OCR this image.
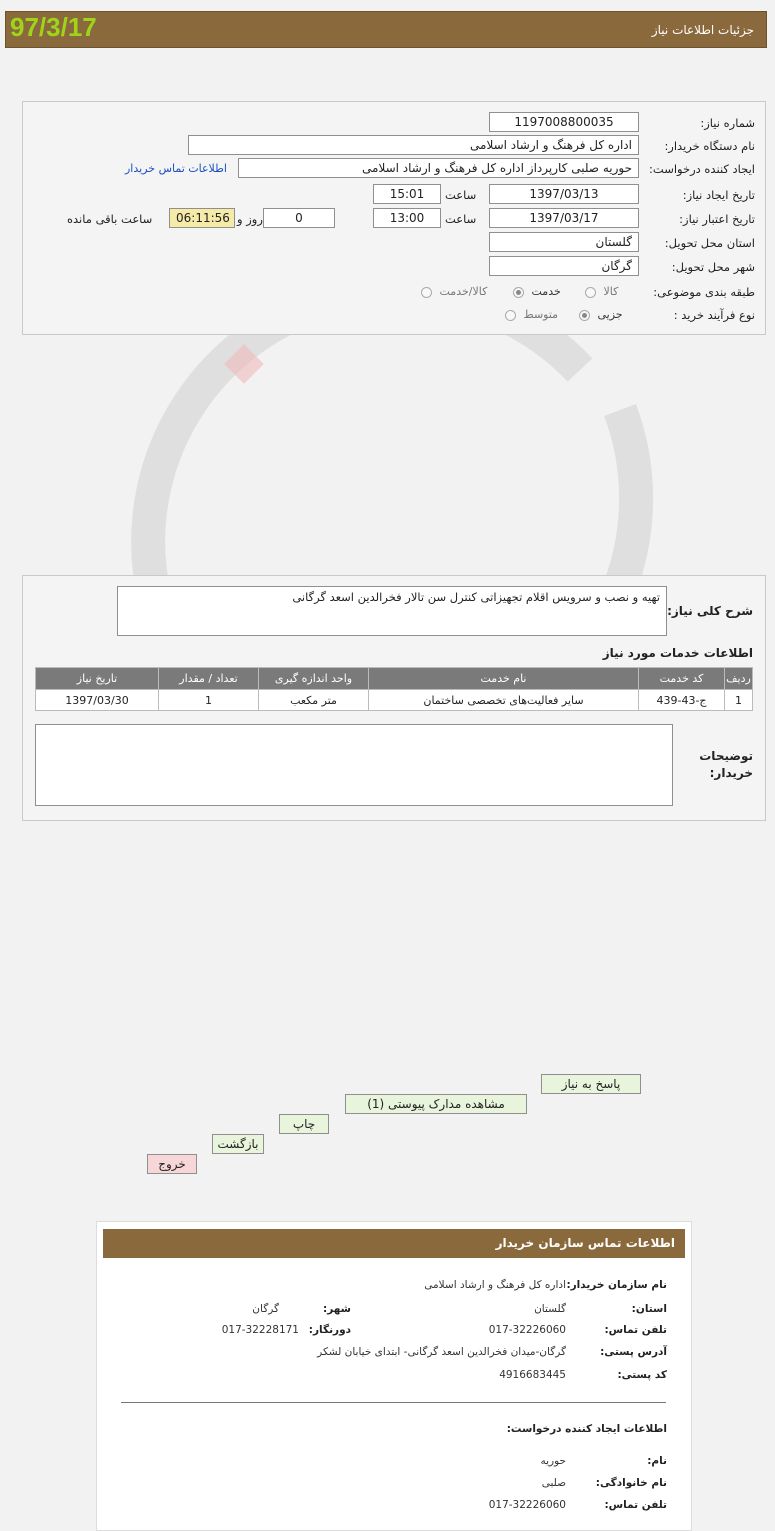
97/3/17	جزئیات اطلاعات نیاز
شماره نیاز:
1197008800035
نام دستگاه خریدار:
اداره کل فرهنگ و ارشاد اسلامی
ایجاد کننده درخواست:
حوریه صلبی کارپرداز اداره کل فرهنگ و ارشاد اسلامی
اطلاعات تماس خریدار
تاریخ ایجاد نیاز:
1397/03/13
ساعت
15:01
تاریخ اعتبار نیاز:
1397/03/17
ساعت
13:00
0
روز و
06:11:56
ساعت باقی مانده
استان محل تحویل:
گلستان
شهر محل تحویل:
گرگان
طبقه بندی موضوعی:
کالا
خدمت
کالا/خدمت
نوع فرآیند خرید :
جزیی
متوسط
تهیه و نصب و سرویس اقلام تجهیزاتی کنترل سن تالار فخرالدین اسعد گرگانی
شرح کلی نیاز:
اطلاعات خدمات مورد نیاز
ردیف	کد خدمت	نام خدمت	واحد اندازه گیری	تعداد / مقدار	تاریخ نیاز
1	ج-43-439	سایر فعالیت‌های تخصصی ساختمان	متر مکعب	1	1397/03/30
توضیحات
خریدار:
پاسخ به نیاز
مشاهده مدارک پیوستی (1)
چاپ
بازگشت
خروج
اطلاعات تماس سازمان خریدار
نام سازمان خریدار:
اداره کل فرهنگ و ارشاد اسلامی
استان:
گلستان
شهر:
گرگان
تلفن تماس:
017-32226060
دورنگار:
017-32228171
آدرس پستی:
گرگان-میدان فخرالدین اسعد گرگانی- ابتدای خیابان لشکر
کد پستی:
4916683445
اطلاعات ایجاد کننده درخواست:
نام:
حوریه
نام خانوادگی:
صلبی
تلفن تماس:
017-32226060
